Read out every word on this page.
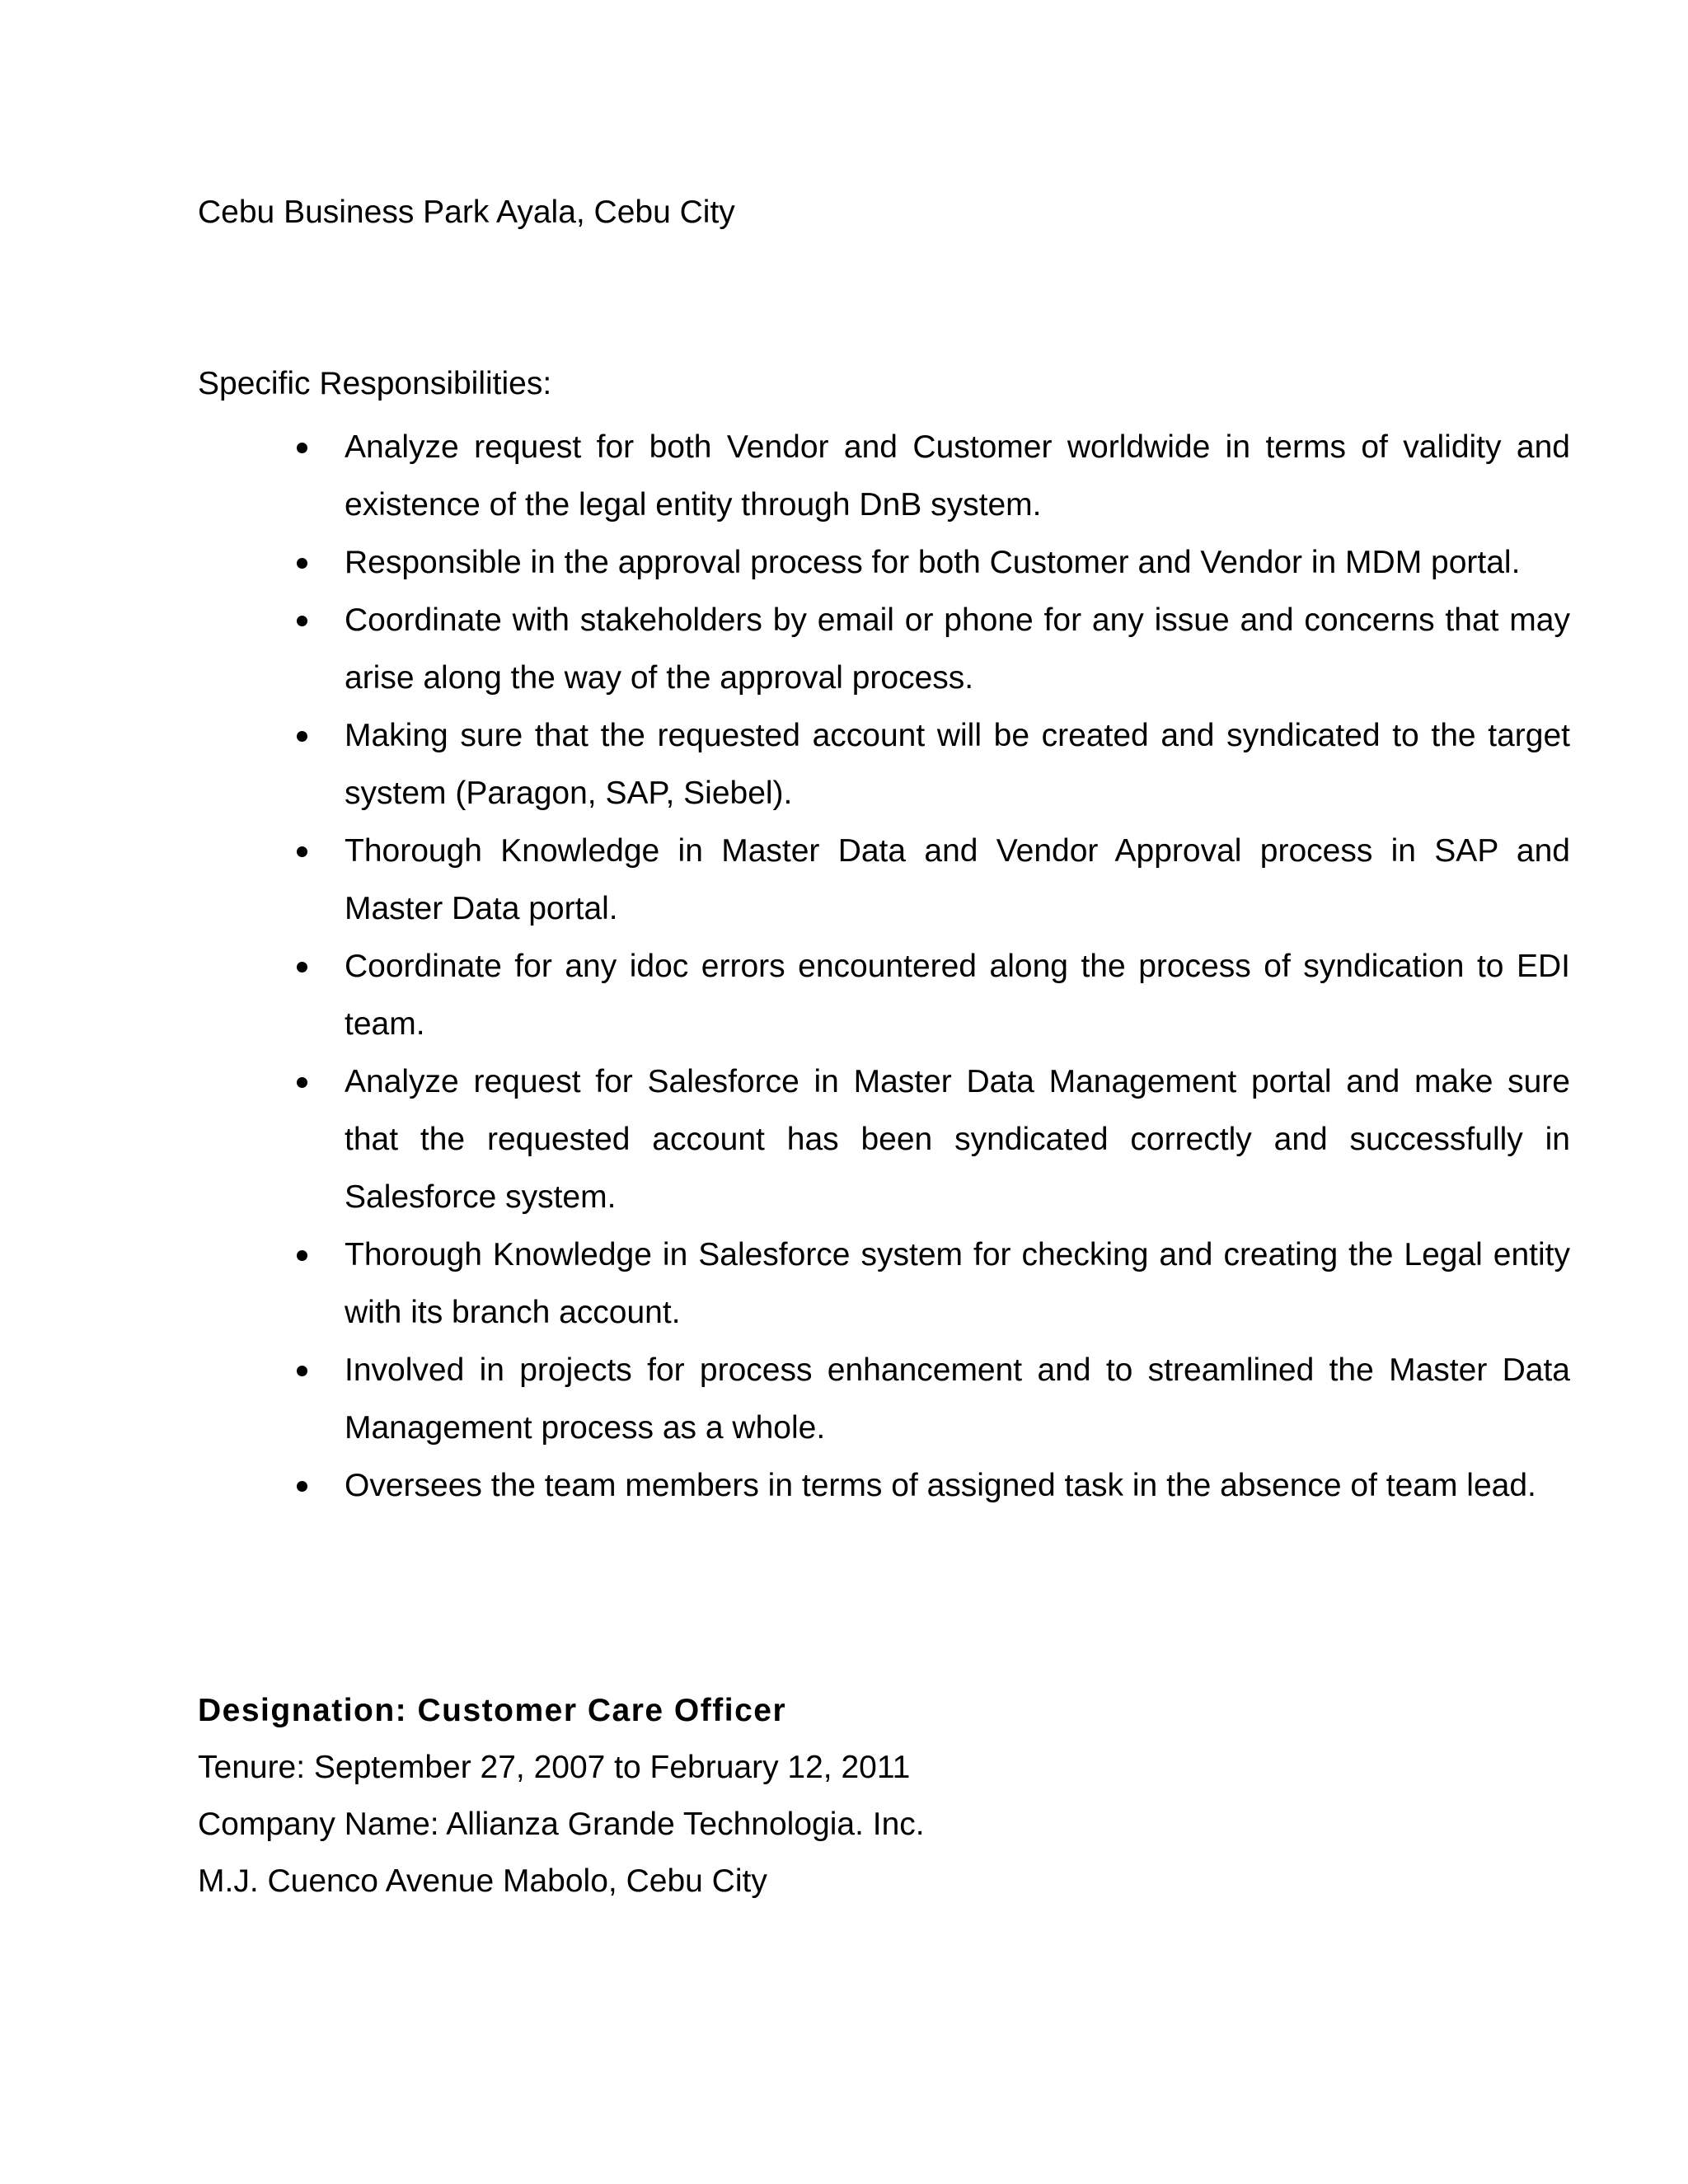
Cebu Business Park Ayala, Cebu City
Specific Responsibilities:
Analyze request for both Vendor and Customer worldwide in terms of validity and existence of the legal entity through DnB system.
Responsible in the approval process for both Customer and Vendor in MDM portal.
Coordinate with stakeholders by email or phone for any issue and concerns that may arise along the way of the approval process.
Making sure that the requested account will be created and syndicated to the target system (Paragon, SAP, Siebel).
Thorough Knowledge in Master Data and Vendor Approval process in SAP and Master Data portal.
Coordinate for any idoc errors encountered along the process of syndication to EDI team.
Analyze request for Salesforce in Master Data Management portal and make sure that the requested account has been syndicated correctly and successfully in Salesforce system.
Thorough Knowledge in Salesforce system for checking and creating the Legal entity with its branch account.
Involved in projects for process enhancement and to streamlined the Master Data Management process as a whole.
Oversees the team members in terms of assigned task in the absence of team lead.
Designation: Customer Care Officer
Tenure: September 27, 2007 to February 12, 2011
Company Name: Allianza Grande Technologia. Inc.
M.J. Cuenco Avenue Mabolo, Cebu City
